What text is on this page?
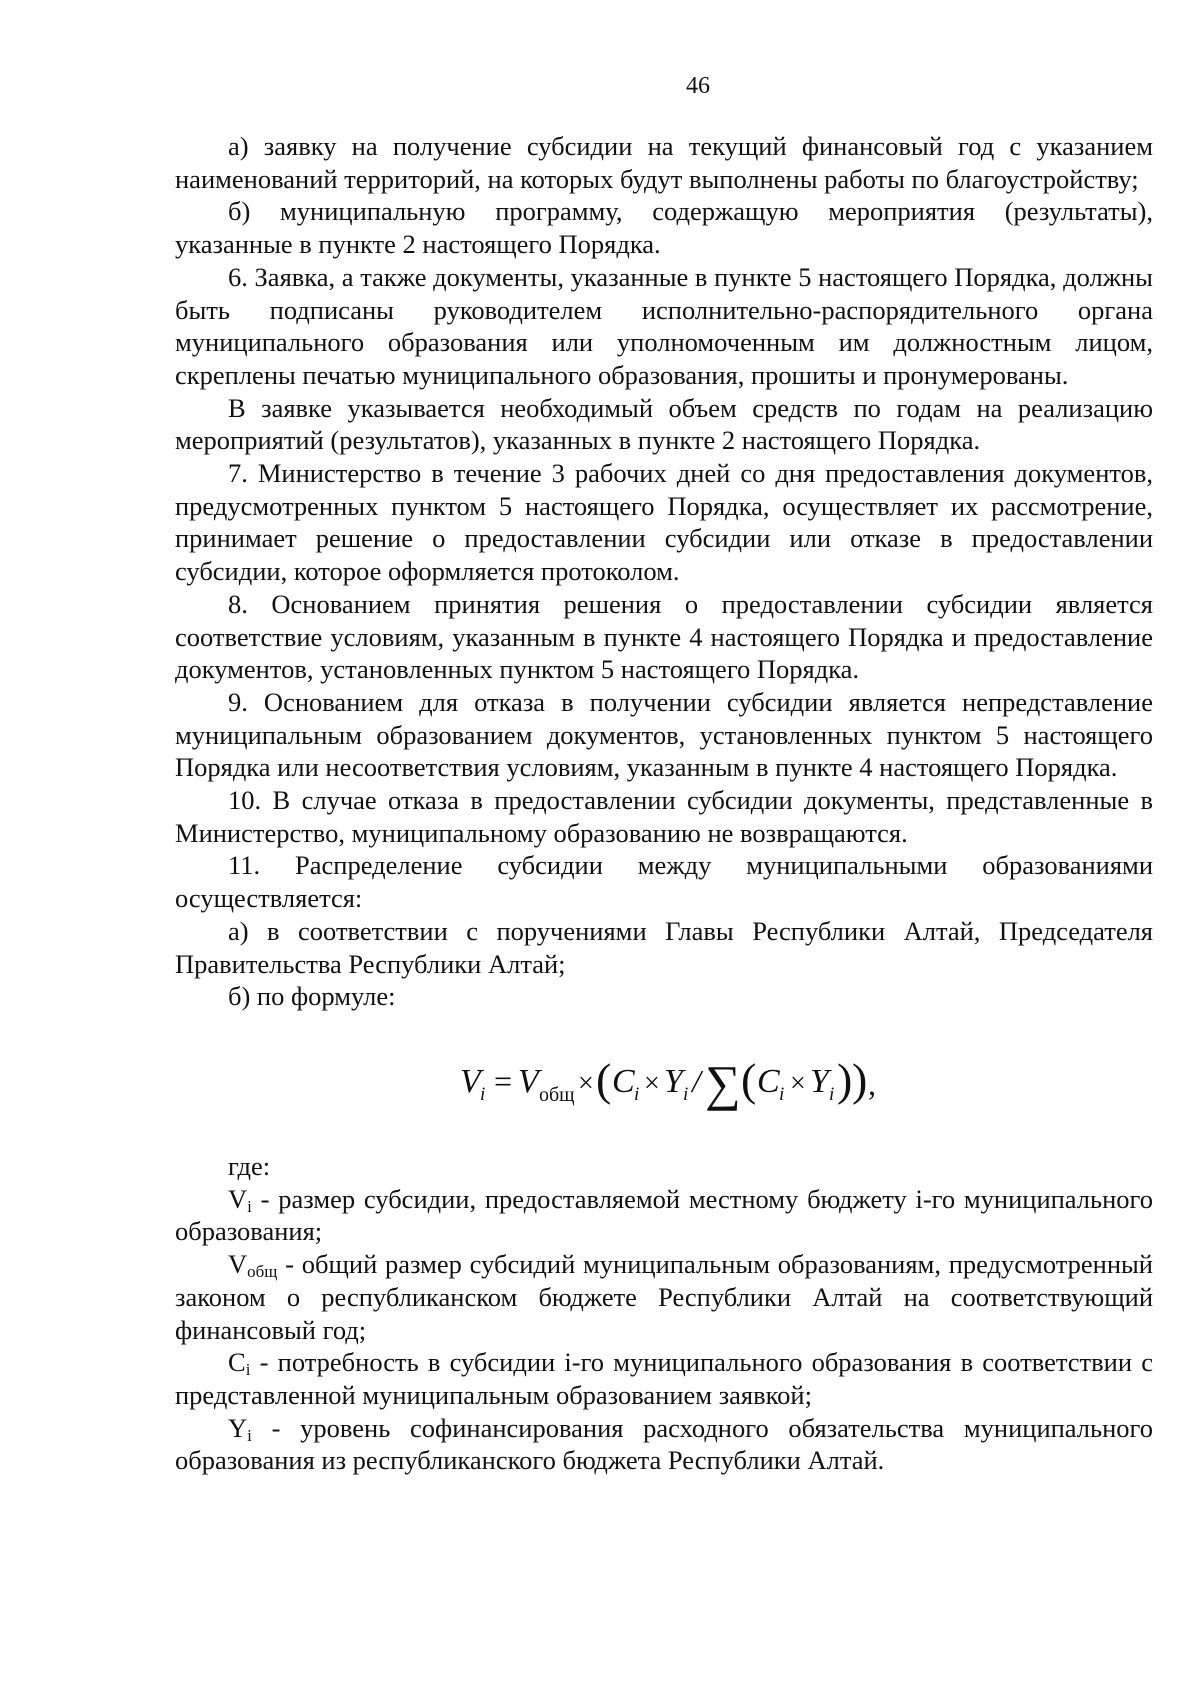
46

а) заявку на получение субсидии на текущий финансовый год с указанием наименований территорий, на которых будут выполнены работы по благоустройству;

б) муниципальную программу, содержащую мероприятия (результаты), указанные в пункте 2 настоящего Порядка.

6. Заявка, а также документы, указанные в пункте 5 настоящего Порядка, должны быть подписаны руководителем исполнительно-распорядительного органа муниципального образования или уполномоченным им должностным лицом, скреплены печатью муниципального образования, прошиты и пронумерованы.

В заявке указывается необходимый объем средств по годам на реализацию мероприятий (результатов), указанных в пункте 2 настоящего Порядка.

7. Министерство в течение 3 рабочих дней со дня предоставления документов, предусмотренных пунктом 5 настоящего Порядка, осуществляет их рассмотрение, принимает решение о предоставлении субсидии или отказе в предоставлении субсидии, которое оформляется протоколом.

8. Основанием принятия решения о предоставлении субсидии является соответствие условиям, указанным в пункте 4 настоящего Порядка и предоставление документов, установленных пунктом 5 настоящего Порядка.

9. Основанием для отказа в получении субсидии является непредставление муниципальным образованием документов, установленных пунктом 5 настоящего Порядка или несоответствия условиям, указанным в пункте 4 настоящего Порядка.

10. В случае отказа в предоставлении субсидии документы, представленные в Министерство, муниципальному образованию не возвращаются.

11. Распределение субсидии между муниципальными образованиями осуществляется:

а) в соответствии с поручениями Главы Республики Алтай, Председателя Правительства Республики Алтай;

б) по формуле:

V i = V общ × ( C i × Y i / ∑ ( C i × Y i ) ) ,

где:

$V_i$ - размер субсидии, предоставляемой местному бюджету i-го муниципального образования;

$V_{общ}$ - общий размер субсидий муниципальным образованиям, предусмотренный законом о республиканском бюджете Республики Алтай на соответствующий финансовый год;

$C_i$ - потребность в субсидии i-го муниципального образования в соответствии с представленной муниципальным образованием заявкой;

$Y_i$ - уровень софинансирования расходного обязательства муниципального образования из республиканского бюджета Республики Алтай.
